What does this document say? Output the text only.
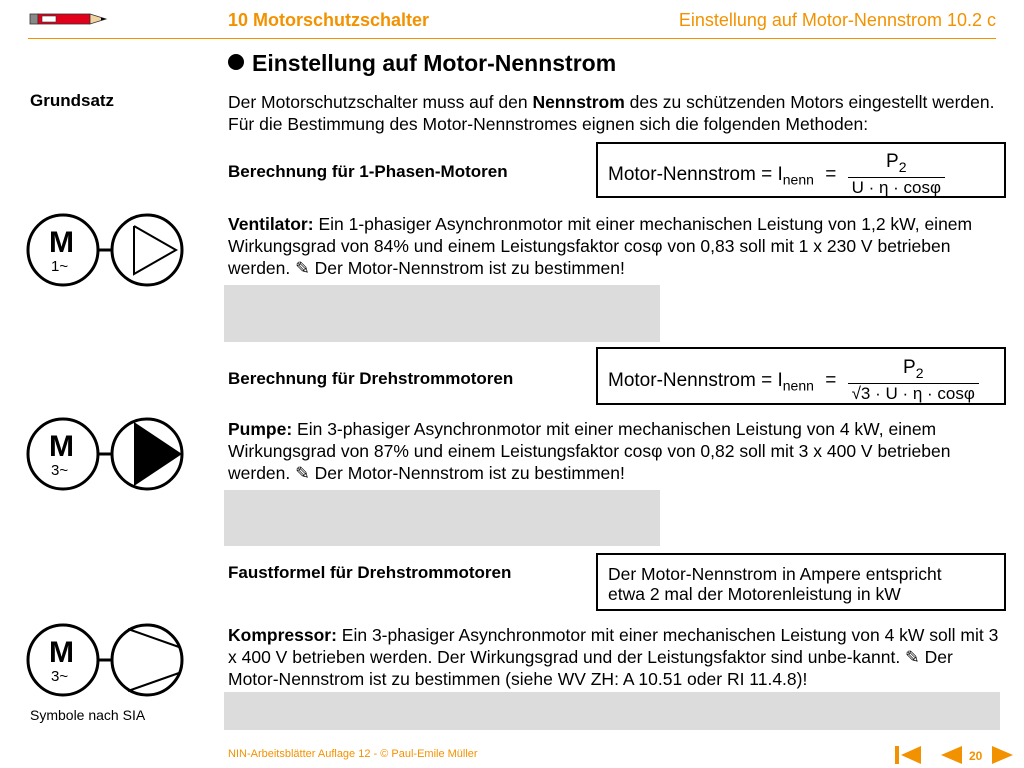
10 Motorschutzschalter	Einstellung auf Motor-Nennstrom 10.2 c
Einstellung auf Motor-Nennstrom
Grundsatz	Der Motorschutzschalter muss auf den Nennstrom des zu schützenden Motors eingestellt werden. Für die Bestimmung des Motor-Nennstromes eignen sich die folgenden Methoden:
Berechnung für 1-Phasen-Motoren	Motor-Nennstrom = $I_{nenn} = \frac{P_2}{U \cdot \eta \cdot \cos\varphi}$
M
1~
Ventilator: Ein 1-phasiger Asynchronmotor mit einer mechanischen Leistung von 1,2 kW, einem Wirkungsgrad von 84% und einem Leistungsfaktor cosφ von 0,83 soll mit 1 x 230 V betrieben werden. ✎ Der Motor-Nennstrom ist zu bestimmen!
Berechnung für Drehstrommotoren	Motor-Nennstrom = $I_{nenn} = \frac{P_2}{√3 \cdot U \cdot \eta \cdot \cos\varphi}$
M
3~
Pumpe: Ein 3-phasiger Asynchronmotor mit einer mechanischen Leistung von 4 kW, einem Wirkungsgrad von 87% und einem Leistungsfaktor cosφ von 0,82 soll mit 3 x 400 V betrieben werden. ✎ Der Motor-Nennstrom ist zu bestimmen!
Faustformel für Drehstrommotoren	Der Motor-Nennstrom in Ampere entspricht
etwa 2 mal der Motorenleistung in kW
M
3~
Symbole nach SIA
Kompressor: Ein 3-phasiger Asynchronmotor mit einer mechanischen Leistung von 4 kW soll mit 3 x 400 V betrieben werden. Der Wirkungsgrad und der Leistungsfaktor sind unbe-kannt. ✎ Der Motor-Nennstrom ist zu bestimmen (siehe WV ZH: A 10.51 oder RI 11.4.8)!
NIN-Arbeitsblätter Auflage 12 - © Paul-Emile Müller	20
